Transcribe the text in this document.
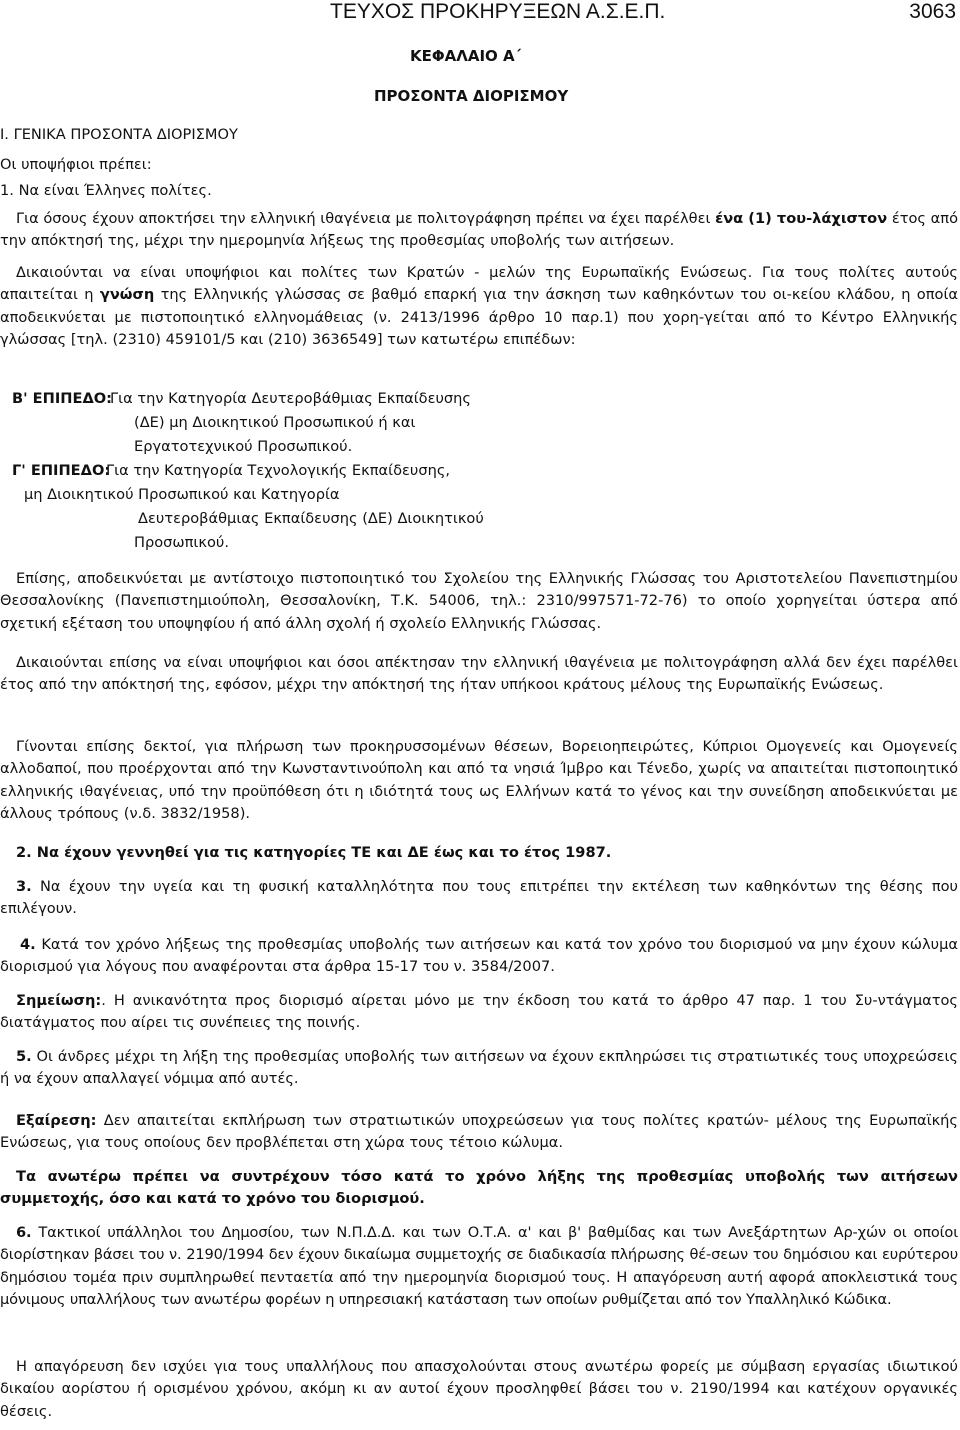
ΤΕΥΧΟΣ ΠΡΟΚΗΡΥΞΕΩΝ Α.Σ.Ε.Π.	3063
ΚΕΦΑΛΑΙΟ Α΄
ΠΡΟΣΟΝΤΑ ΔΙΟΡΙΣΜΟΥ
Ι. ΓΕΝΙΚΑ ΠΡΟΣΟΝΤΑ ΔΙΟΡΙΣΜΟΥ
Οι υποψήφιοι πρέπει:
1. Να είναι Έλληνες πολίτες.
Για όσους έχουν αποκτήσει την ελληνική ιθαγένεια με πολιτογράφηση πρέπει να έχει παρέλθει ένα (1) του-λάχιστον έτος από την απόκτησή της, μέχρι την ημερομηνία λήξεως της προθεσμίας υποβολής των αιτήσεων.
Δικαιούνται να είναι υποψήφιοι και πολίτες των Κρατών - μελών της Ευρωπαϊκής Ενώσεως. Για τους πολίτες αυτούς απαιτείται η γνώση της Ελληνικής γλώσσας σε βαθμό επαρκή για την άσκηση των καθηκόντων του οι-κείου κλάδου, η οποία αποδεικνύεται με πιστοποιητικό ελληνομάθειας (ν. 2413/1996 άρθρο 10 παρ.1) που χορη-γείται από το Κέντρο Ελληνικής γλώσσας [τηλ. (2310) 459101/5 και (210) 3636549] των κατωτέρω επιπέδων:
Β' ΕΠΙΠΕΔΟ:
Για την Κατηγορία Δευτεροβάθμιας Εκπαίδευσης
(ΔΕ) μη Διοικητικού Προσωπικού ή και
Εργατοτεχνικού Προσωπικού.
Γ' ΕΠΙΠΕΔΟ:
Για την Κατηγορία Τεχνολογικής Εκπαίδευσης,
μη Διοικητικού Προσωπικού και Κατηγορία
Δευτεροβάθμιας Εκπαίδευσης (ΔΕ) Διοικητικού
Προσωπικού.
Επίσης, αποδεικνύεται με αντίστοιχο πιστοποιητικό του Σχολείου της Ελληνικής Γλώσσας του Αριστοτελείου Πανεπιστημίου Θεσσαλονίκης (Πανεπιστημιούπολη, Θεσσαλονίκη, Τ.Κ. 54006, τηλ.: 2310/997571-72-76) το οποίο χορηγείται ύστερα από σχετική εξέταση του υποψηφίου ή από άλλη σχολή ή σχολείο Ελληνικής Γλώσσας.
Δικαιούνται επίσης να είναι υποψήφιοι και όσοι απέκτησαν την ελληνική ιθαγένεια με πολιτογράφηση αλλά δεν έχει παρέλθει έτος από την απόκτησή της, εφόσον, μέχρι την απόκτησή της ήταν υπήκοοι κράτους μέλους της Ευρωπαϊκής Ενώσεως.
Γίνονται επίσης δεκτοί, για πλήρωση των προκηρυσσομένων θέσεων, Βορειοηπειρώτες, Κύπριοι Ομογενείς και Ομογενείς αλλοδαποί, που προέρχονται από την Κωνσταντινούπολη και από τα νησιά Ίμβρο και Τένεδο, χωρίς να απαιτείται πιστοποιητικό ελληνικής ιθαγένειας, υπό την προϋπόθεση ότι η ιδιότητά τους ως Ελλήνων κατά το γένος και την συνείδηση αποδεικνύεται με άλλους τρόπους (ν.δ. 3832/1958).
2. Να έχουν γεννηθεί για τις κατηγορίες ΤΕ και ΔΕ έως και το έτος 1987.
3. Να έχουν την υγεία και τη φυσική καταλληλότητα που τους επιτρέπει την εκτέλεση των καθηκόντων της θέσης που επιλέγουν.
4. Κατά τον χρόνο λήξεως της προθεσμίας υποβολής των αιτήσεων και κατά τον χρόνο του διορισμού να μην έχουν κώλυμα διορισμού για λόγους που αναφέρονται στα άρθρα 15-17 του ν. 3584/2007.
Σημείωση:. Η ανικανότητα προς διορισμό αίρεται μόνο με την έκδοση του κατά το άρθρο 47 παρ. 1 του Συ-ντάγματος διατάγματος που αίρει τις συνέπειες της ποινής.
5. Οι άνδρες μέχρι τη λήξη της προθεσμίας υποβολής των αιτήσεων να έχουν εκπληρώσει τις στρατιωτικές τους υποχρεώσεις ή να έχουν απαλλαγεί νόμιμα από αυτές.
Εξαίρεση: Δεν απαιτείται εκπλήρωση των στρατιωτικών υποχρεώσεων για τους πολίτες κρατών- μέλους της Ευρωπαϊκής Ενώσεως, για τους οποίους δεν προβλέπεται στη χώρα τους τέτοιο κώλυμα.
Τα ανωτέρω πρέπει να συντρέχουν τόσο κατά το χρόνο λήξης της προθεσμίας υποβολής των αιτήσεων συμμετοχής, όσο και κατά το χρόνο του διορισμού.
6. Τακτικοί υπάλληλοι του Δημοσίου, των Ν.Π.Δ.Δ. και των Ο.Τ.Α. α' και β' βαθμίδας και των Ανεξάρτητων Αρ-χών οι οποίοι διορίστηκαν βάσει του ν. 2190/1994 δεν έχουν δικαίωμα συμμετοχής σε διαδικασία πλήρωσης θέ-σεων του δημόσιου και ευρύτερου δημόσιου τομέα πριν συμπληρωθεί πενταετία από την ημερομηνία διορισμού τους. Η απαγόρευση αυτή αφορά αποκλειστικά τους μόνιμους υπαλλήλους των ανωτέρω φορέων η υπηρεσιακή κατάσταση των οποίων ρυθμίζεται από τον Υπαλληλικό Κώδικα.
Η απαγόρευση δεν ισχύει για τους υπαλλήλους που απασχολούνται στους ανωτέρω φορείς με σύμβαση εργασίας ιδιωτικού δικαίου αορίστου ή ορισμένου χρόνου, ακόμη κι αν αυτοί έχουν προσληφθεί βάσει του ν. 2190/1994 και κατέχουν οργανικές θέσεις.
